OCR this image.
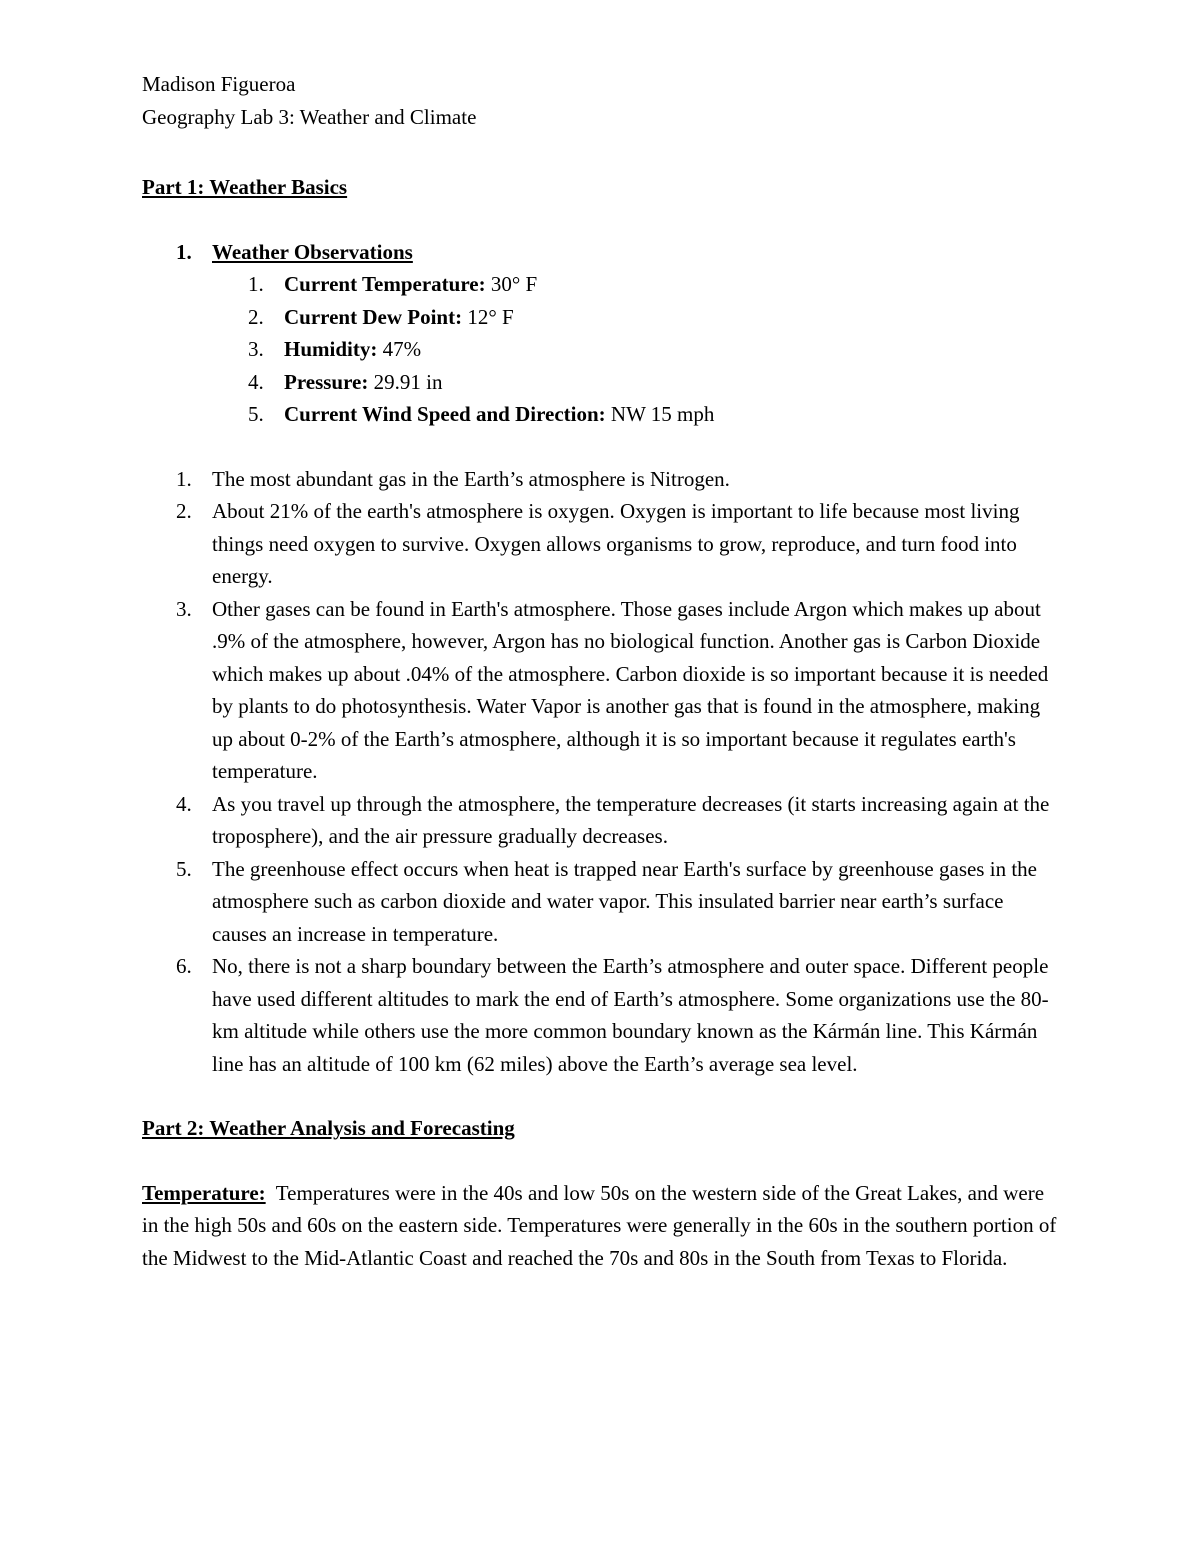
Madison Figueroa

Geography Lab 3: Weather and Climate

Part 1: Weather Basics

1. Weather Observations
1. Current Temperature: 30° F
2. Current Dew Point: 12° F
3. Humidity: 47%
4. Pressure: 29.91 in
5. Current Wind Speed and Direction: NW 15 mph
1. The most abundant gas in the Earth’s atmosphere is Nitrogen.
2. About 21% of the earth's atmosphere is oxygen. Oxygen is important to life because most living things need oxygen to survive. Oxygen allows organisms to grow, reproduce, and turn food into energy.
3. Other gases can be found in Earth's atmosphere. Those gases include Argon which makes up about .9% of the atmosphere, however, Argon has no biological function. Another gas is Carbon Dioxide which makes up about .04% of the atmosphere. Carbon dioxide is so important because it is needed by plants to do photosynthesis. Water Vapor is another gas that is found in the atmosphere, making up about 0-2% of the Earth’s atmosphere, although it is so important because it regulates earth's temperature.
4. As you travel up through the atmosphere, the temperature decreases (it starts increasing again at the troposphere), and the air pressure gradually decreases.
5. The greenhouse effect occurs when heat is trapped near Earth's surface by greenhouse gases in the atmosphere such as carbon dioxide and water vapor. This insulated barrier near earth’s surface causes an increase in temperature.
6. No, there is not a sharp boundary between the Earth’s atmosphere and outer space. Different people have used different altitudes to mark the end of Earth’s atmosphere. Some organizations use the 80-km altitude while others use the more common boundary known as the Kármán line. This Kármán line has an altitude of 100 km (62 miles) above the Earth’s average sea level.

Part 2: Weather Analysis and Forecasting

Temperature:  Temperatures were in the 40s and low 50s on the western side of the Great Lakes, and were in the high 50s and 60s on the eastern side. Temperatures were generally in the 60s in the southern portion of the Midwest to the Mid-Atlantic Coast and reached the 70s and 80s in the South from Texas to Florida.
